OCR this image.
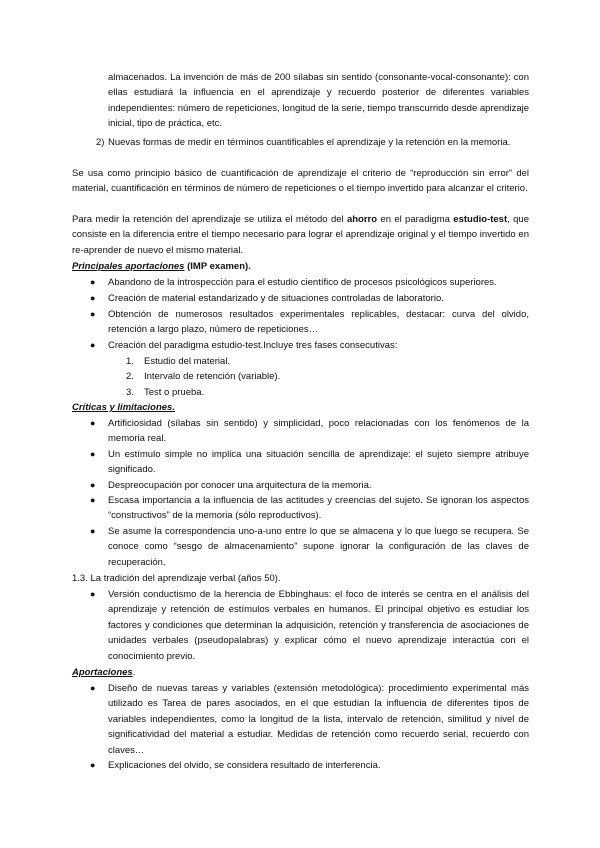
almacenados. La invención de más de 200 sílabas sin sentido (consonante-vocal-consonante): con ellas estudiará la influencia en el aprendizaje y recuerdo posterior de diferentes variables independientes: número de repeticiones, longitud de la serie, tiempo transcurrido desde aprendizaje inicial, tipo de práctica, etc.

2) Nuevas formas de medir en términos cuantificables el aprendizaje y la retención en la memoria.

Se usa como principio básico de cuantificación de aprendizaje el criterio de “reproducción sin error” del material, cuantificación en términos de número de repeticiones o el tiempo invertido para alcanzar el criterio.

Para medir la retención del aprendizaje se utiliza el método del ahorro en el paradigma estudio-test, que consiste en la diferencia entre el tiempo necesario para lograr el aprendizaje original y el tiempo invertido en re-aprender de nuevo el mismo material.

Principales aportaciones (IMP examen).
●	Abandono de la introspección para el estudio científico de procesos psicológicos superiores.
●	Creación de material estandarizado y de situaciones controladas de laboratorio.
●	Obtención de numerosos resultados experimentales replicables, destacar: curva del olvido, retención a largo plazo, número de repeticiones…
●	Creación del paradigma estudio-test.Incluye tres fases consecutivas:
1.	Estudio del material.
2.	Intervalo de retención (variable).
3.	Test o prueba.
Críticas y limitaciones.
●	Artificiosidad (sílabas sin sentido) y simplicidad, poco relacionadas con los fenómenos de la memoria real.
●	Un estímulo simple no implica una situación sencilla de aprendizaje: el sujeto siempre atribuye significado.
●	Despreocupación por conocer una arquitectura de la memoria.
●	Escasa importancia a la influencia de las actitudes y creencias del sujeto. Se ignoran los aspectos “constructivos” de la memoria (sólo reproductivos).
●	Se asume la correspondencia uno-a-uno entre lo que se almacena y lo que luego se recupera. Se conoce como “sesgo de almacenamiento” supone ignorar la configuración de las claves de recuperación.
1.3. La tradición del aprendizaje verbal (años 50).
●	Versión conductismo de la herencia de Ebbinghaus: el foco de interés se centra en el análisis del aprendizaje y retención de estímulos verbales en humanos. El principal objetivo es estudiar los factores y condiciones que determinan la adquisición, retención y transferencia de asociaciones de unidades verbales (pseudopalabras) y explicar cómo el nuevo aprendizaje interactúa con el conocimiento previo.
Aportaciones.
●	Diseño de nuevas tareas y variables (extensión metodológica): procedimiento experimental más utilizado es Tarea de pares asociados, en el que estudian la influencia de diferentes tipos de variables independientes, como la longitud de la lista, intervalo de retención, similitud y nivel de significatividad del material a estudiar. Medidas de retención como recuerdo serial, recuerdo con claves…
●	Explicaciones del olvido, se considera resultado de interferencia.
